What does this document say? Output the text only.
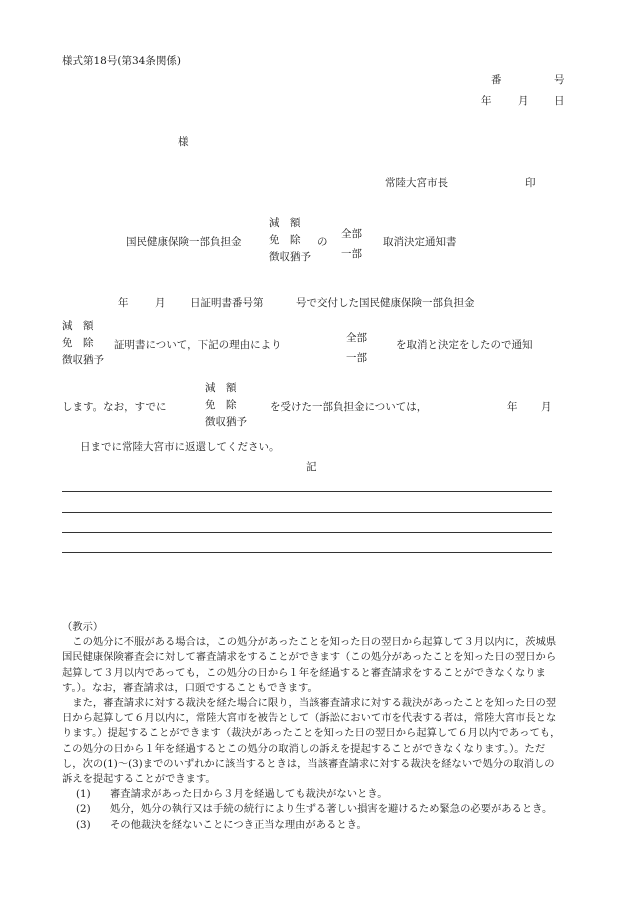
様式第18号(第34条関係)
番	号
年	月 日
様
常陸大宮市長	印
国民健康保険一部負担金
減　額
免　除
徴収猶予
の
全部
一部
取消決定通知書
年	月 日証明書番号第	号で交付した国民健康保険一部負担金
減　額
免　除
徴収猶予
証明書について，下記の理由により
全部
一部
を取消と決定をしたので通知
します。なお，すでに
減　額
免　除
徴収猶予
を受けた一部負担金については，	年 月
日までに常陸大宮市に返還してください。
記

（教示）

この処分に不服がある場合は，この処分があったことを知った日の翌日から起算して３月以内に，茨城県国民健康保険審査会に対して審査請求をすることができます（この処分があったことを知った日の翌日から起算して３月以内であっても，この処分の日から１年を経過すると審査請求をすることができなくなります。）。なお，審査請求は，口頭ですることもできます。

また，審査請求に対する裁決を経た場合に限り，当該審査請求に対する裁決があったことを知った日の翌日から起算して６月以内に，常陸大宮市を被告として（訴訟において市を代表する者は，常陸大宮市長となります。）提起することができます（裁決があったことを知った日の翌日から起算して６月以内であっても，この処分の日から１年を経過するとこの処分の取消しの訴えを提起することができなくなります。）。ただし，次の(1)～(3)までのいずれかに該当するときは，当該審査請求に対する裁決を経ないで処分の取消しの訴えを提起することができます。

(1) 審査請求があった日から３月を経過しても裁決がないとき。

(2) 処分，処分の執行又は手続の続行により生ずる著しい損害を避けるため緊急の必要があるとき。

(3) その他裁決を経ないことにつき正当な理由があるとき。
